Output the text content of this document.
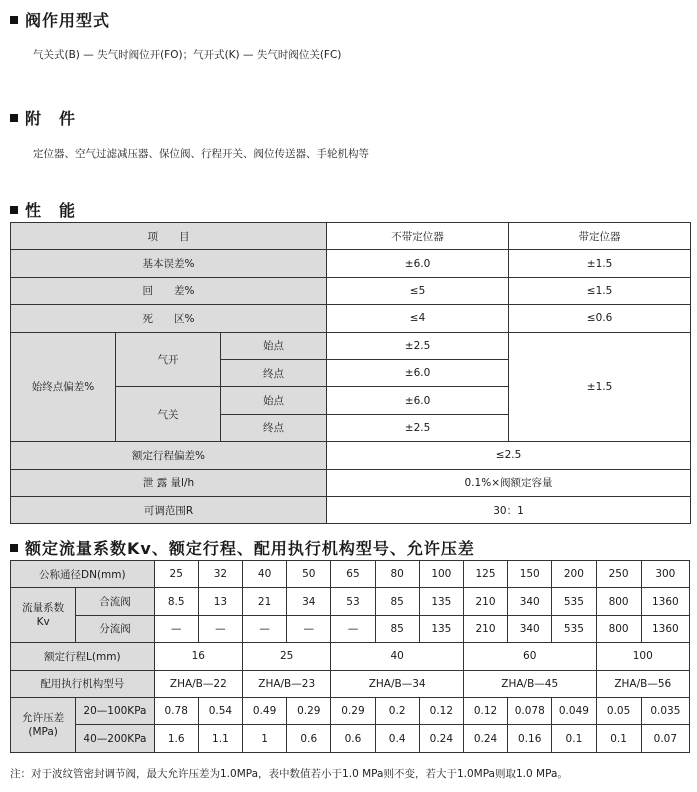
阀作用型式
气关式(B) — 失气时阀位开(FO)；气开式(K) — 失气时阀位关(FC)
附　件
定位器、空气过滤减压器、保位阀、行程开关、阀位传送器、手轮机构等
性　能
项　　目			不带定位器	带定位器
基本误差%			±6.0	±1.5
回　　差%			≤5	≤1.5
死　　区%			≤4	≤0.6
始终点偏差%	气开	始点	±2.5	±1.5
		终点	±6.0	
	气关	始点	±6.0	
		终点	±2.5	
额定行程偏差%			≤2.5	
泄 露 量l/h			0.1%×阀额定容量	
可调范围R			30：1	
额定流量系数Kv、额定行程、配用执行机构型号、允许压差
公称通径DN(mm)		25	32	40	50	65	80	100	125	150	200	250	300
流量系数 Kv	合流阀	8.5	13	21	34	53	85	135	210	340	535	800	1360
	分流阀	—	—	—	—	—	85	135	210	340	535	800	1360
额定行程L(mm)		16		25		40			60			100	
配用执行机构型号		ZHA/B—22		ZHA/B—23		ZHA/B—34			ZHA/B—45			ZHA/B—56	
允许压差 (MPa)	20—100KPa	0.78	0.54	0.49	0.29	0.29	0.2	0.12	0.12	0.078	0.049	0.05	0.035
	40—200KPa	1.6	1.1	1	0.6	0.6	0.4	0.24	0.24	0.16	0.1	0.1	0.07
注：对于波纹管密封调节阀，最大允许压差为1.0MPa，表中数值若小于1.0 MPa则不变，若大于1.0MPa则取1.0 MPa。
